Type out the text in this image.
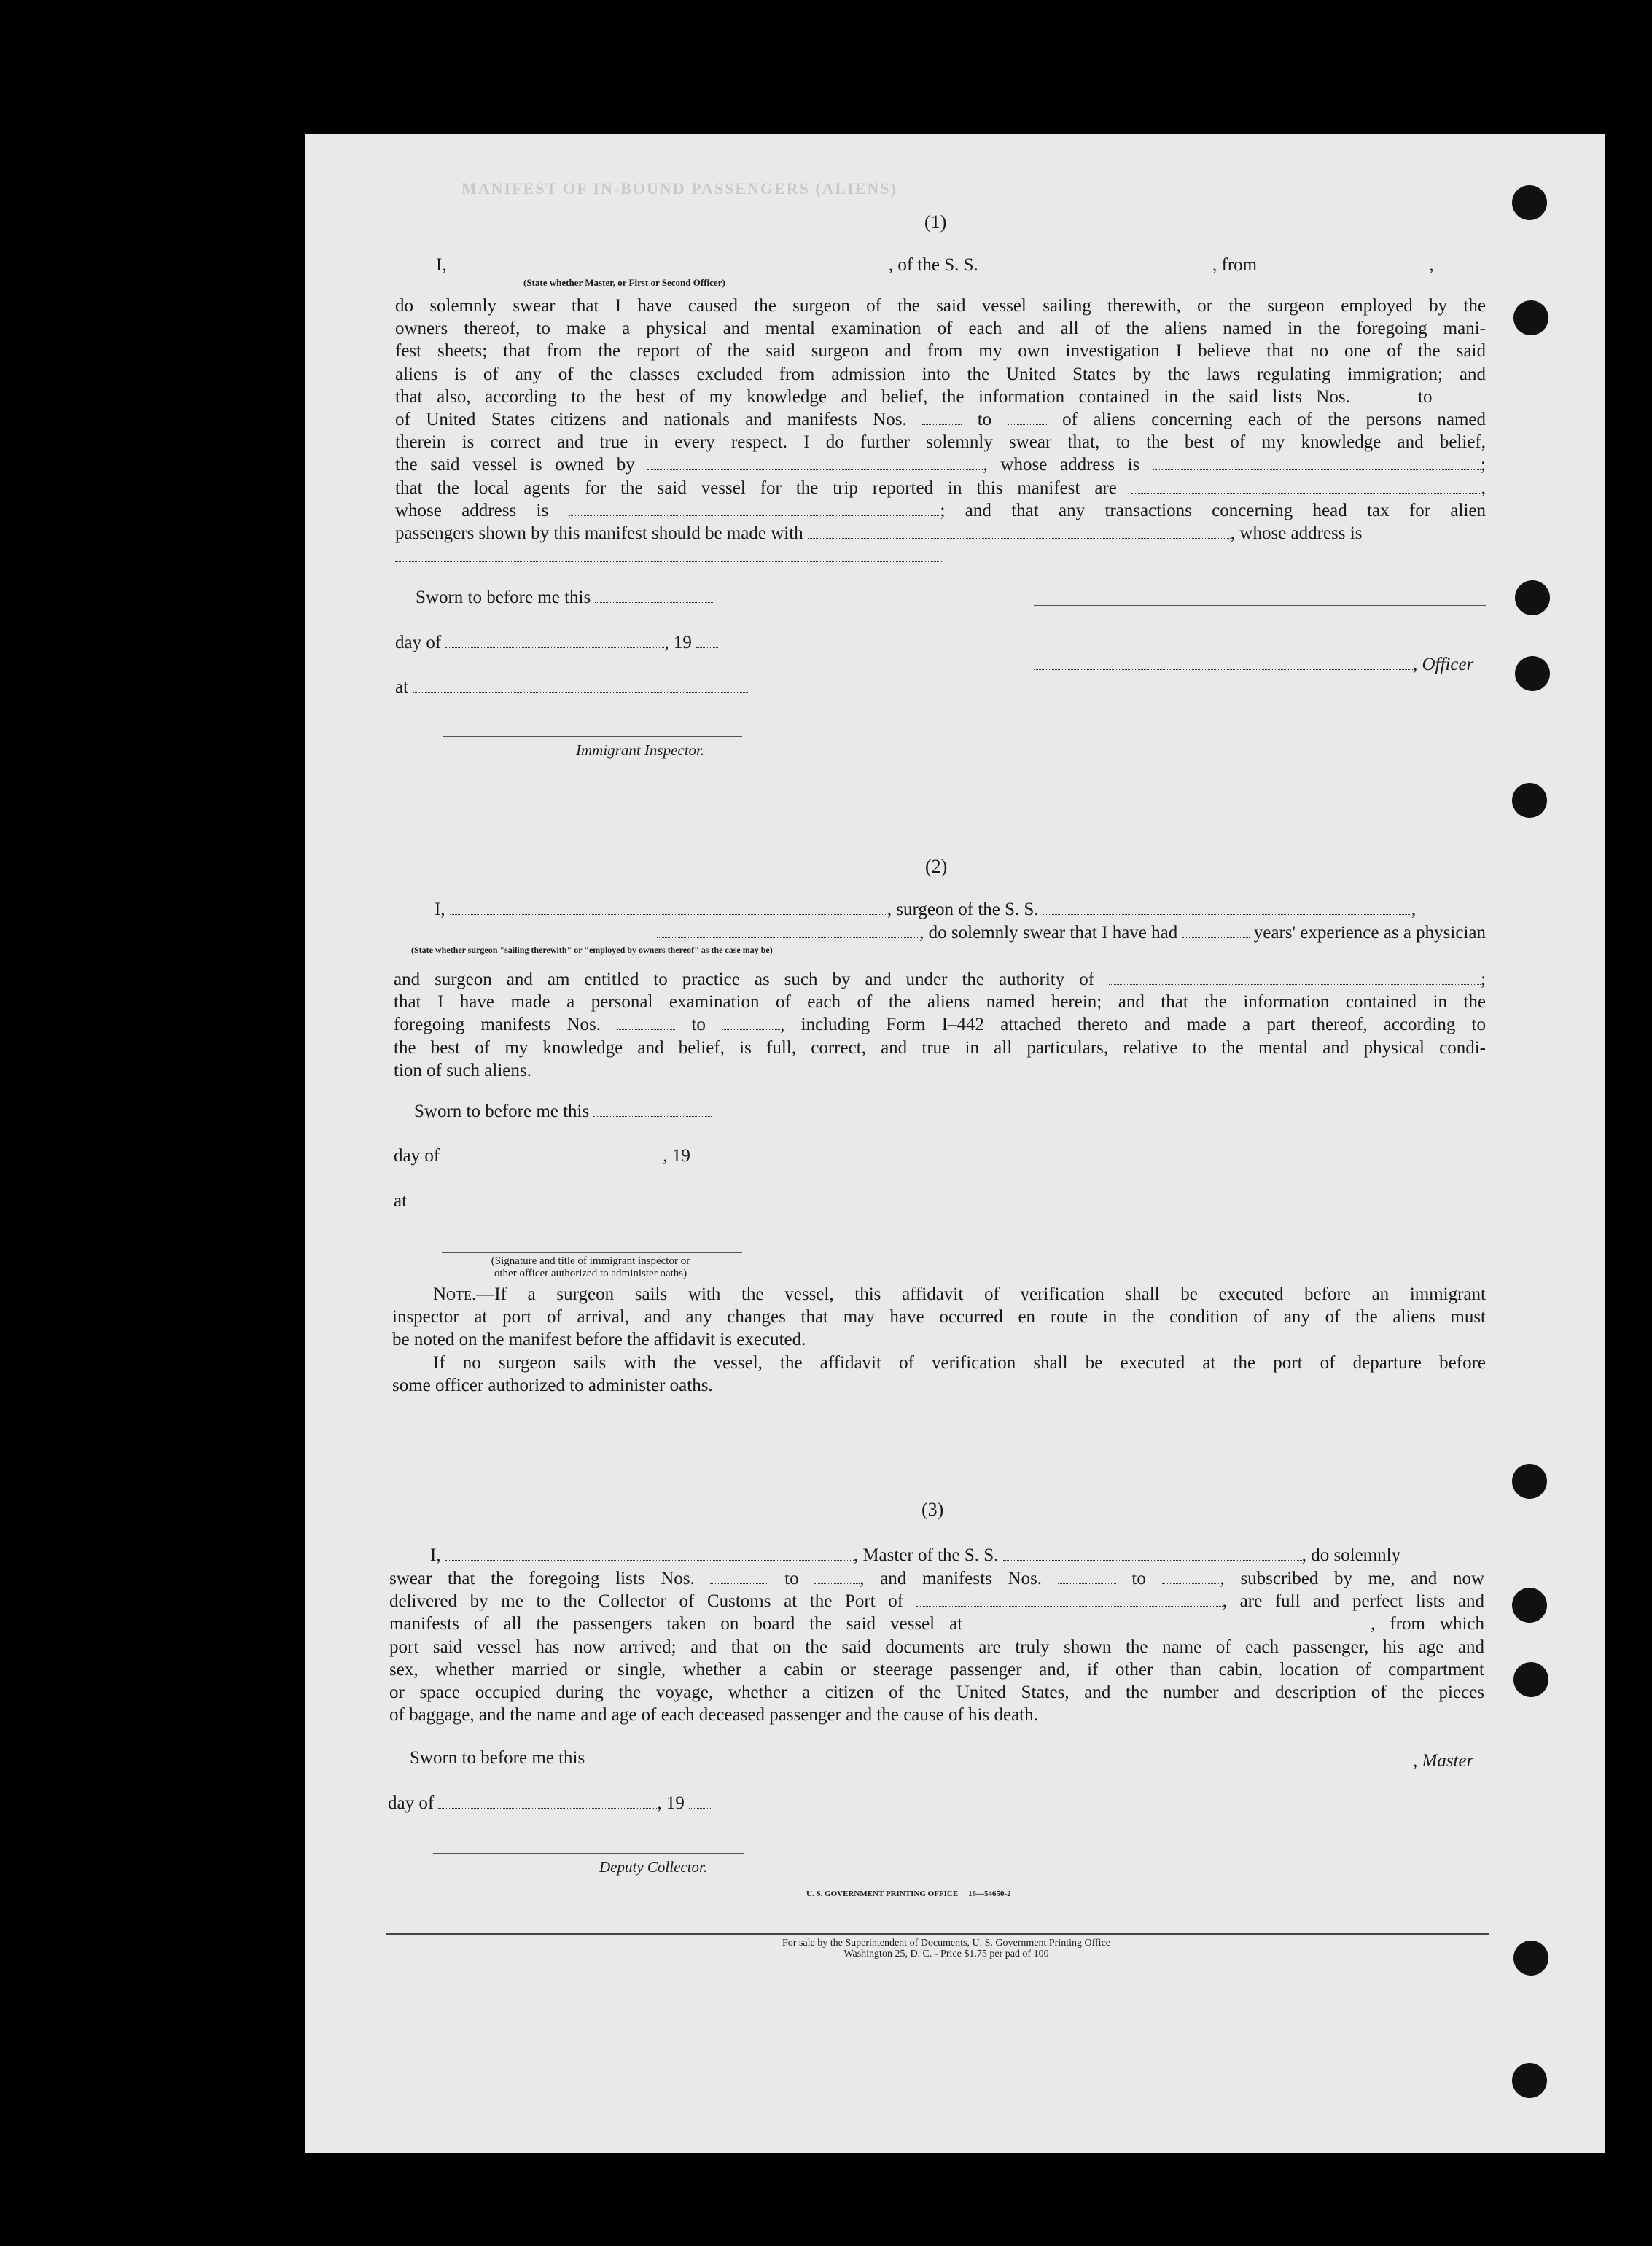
MANIFEST OF IN-BOUND PASSENGERS (ALIENS)
(1)
I,	, of the S. S.	, from	,
(State whether Master, or First or Second Officer)
do solemnly swear that I have caused the surgeon of the said vessel sailing therewith, or the surgeon employed by the
owners thereof, to make a physical and mental examination of each and all of the aliens named in the foregoing mani-
fest sheets; that from the report of the said surgeon and from my own investigation I believe that no one of the said
aliens is of any of the classes excluded from admission into the United States by the laws regulating immigration; and
that also, according to the best of my knowledge and belief, the information contained in the said lists Nos.	to
of United States citizens and nationals and manifests Nos.	to	of aliens concerning each of the persons named
therein is correct and true in every respect. I do further solemnly swear that, to the best of my knowledge and belief,
the said vessel is owned by	, whose address is	;
that the local agents for the said vessel for the trip reported in this manifest are	,
whose address is	; and that any transactions concerning head tax for alien
passengers shown by this manifest should be made with	, whose address is
Sworn to before me this
day of	, 19
, Officer
at
Immigrant Inspector.
(2)
I,	, surgeon of the S. S.	,
, do solemnly swear that I have had	years' experience as a physician
(State whether surgeon "sailing therewith" or "employed by owners thereof" as the case may be)
and surgeon and am entitled to practice as such by and under the authority of	;
that I have made a personal examination of each of the aliens named herein; and that the information contained in the
foregoing manifests Nos.	to	, including Form I–442 attached thereto and made a part thereof, according to
the best of my knowledge and belief, is full, correct, and true in all particulars, relative to the mental and physical condi-
tion of such aliens.
Sworn to before me this
day of	, 19
at
(Signature and title of immigrant inspector or
other officer authorized to administer oaths)
Note.—If a surgeon sails with the vessel, this affidavit of verification shall be executed before an immigrant
inspector at port of arrival, and any changes that may have occurred en route in the condition of any of the aliens must
be noted on the manifest before the affidavit is executed.
If no surgeon sails with the vessel, the affidavit of verification shall be executed at the port of departure before
some officer authorized to administer oaths.
(3)
I,	, Master of the S. S.	, do solemnly
swear that the foregoing lists Nos.	to	, and manifests Nos.	to	, subscribed by me, and now
delivered by me to the Collector of Customs at the Port of	, are full and perfect lists and
manifests of all the passengers taken on board the said vessel at	, from which
port said vessel has now arrived; and that on the said documents are truly shown the name of each passenger, his age and
sex, whether married or single, whether a cabin or steerage passenger and, if other than cabin, location of compartment
or space occupied during the voyage, whether a citizen of the United States, and the number and description of the pieces
of baggage, and the name and age of each deceased passenger and the cause of his death.
Sworn to before me this	, Master
day of	, 19
Deputy Collector.
U. S. GOVERNMENT PRINTING OFFICE     16—54650-2
For sale by the Superintendent of Documents, U. S. Government Printing Office
Washington 25, D. C. - Price $1.75 per pad of 100
